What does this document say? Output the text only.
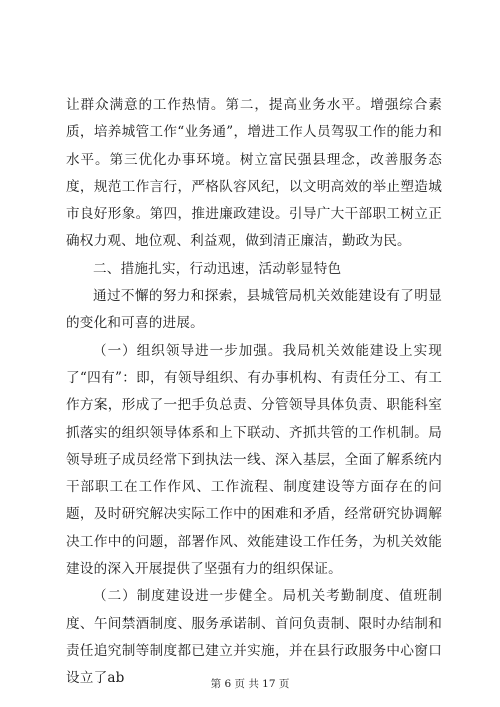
让群众满意的工作热情。第二，提高业务水平。增强综合素质，培养城管工作“业务通”，增进工作人员驾驭工作的能力和水平。第三优化办事环境。树立富民强县理念，改善服务态度，规范工作言行，严格队容风纪，以文明高效的举止塑造城市良好形象。第四，推进廉政建设。引导广大干部职工树立正确权力观、地位观、利益观，做到清正廉洁，勤政为民。

二、措施扎实，行动迅速，活动彰显特色

通过不懈的努力和探索，县城管局机关效能建设有了明显的变化和可喜的进展。

（一）组织领导进一步加强。我局机关效能建设上实现了“四有”：即，有领导组织、有办事机构、有责任分工、有工作方案，形成了一把手负总责、分管领导具体负责、职能科室抓落实的组织领导体系和上下联动、齐抓共管的工作机制。局领导班子成员经常下到执法一线、深入基层，全面了解系统内干部职工在工作作风、工作流程、制度建设等方面存在的问题，及时研究解决实际工作中的困难和矛盾，经常研究协调解决工作中的问题，部署作风、效能建设工作任务，为机关效能建设的深入开展提供了坚强有力的组织保证。

（二）制度建设进一步健全。局机关考勤制度、值班制度、午间禁酒制度、服务承诺制、首问负责制、限时办结制和责任追究制等制度都已建立并实施，并在县行政服务中心窗口设立了ab	第 6 页 共 17 页
